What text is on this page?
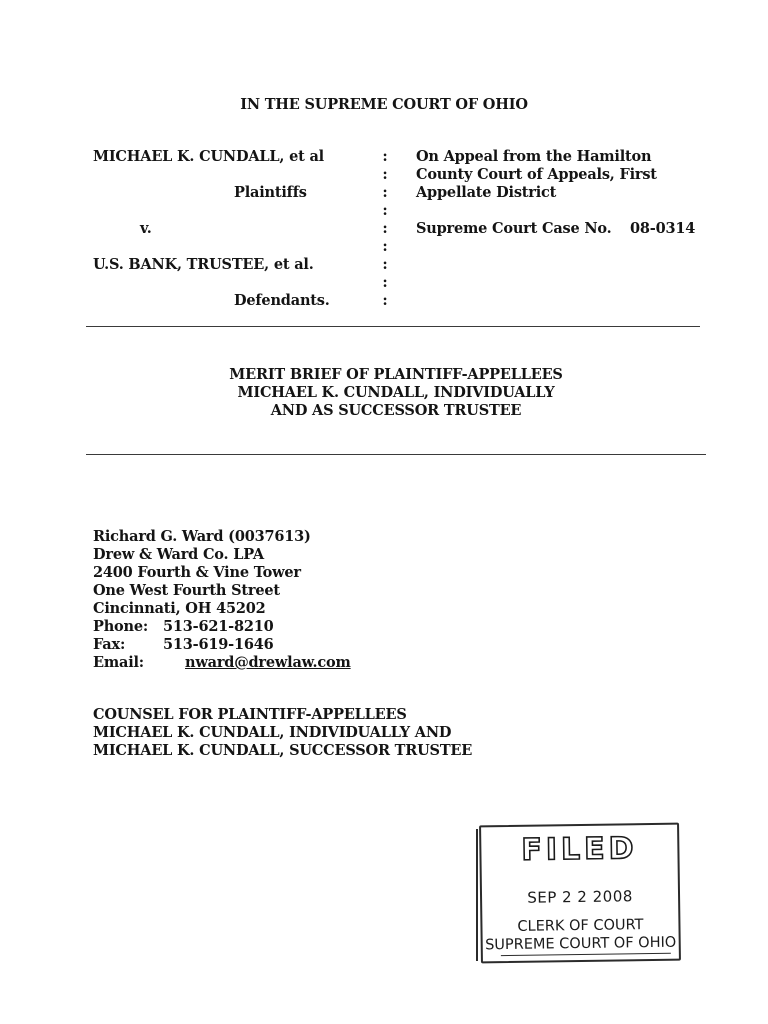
IN THE SUPREME COURT OF OHIO
MICHAEL K. CUNDALL, et al
Plaintiffs
v.
U.S. BANK, TRUSTEE, et al.
Defendants.
:
:
:
:
:
:
:
:
:
On Appeal from the Hamilton
County Court of Appeals, First
Appellate District
Supreme Court Case No. 08-0314
MERIT BRIEF OF PLAINTIFF-APPELLEES
MICHAEL K. CUNDALL, INDIVIDUALLY
AND AS SUCCESSOR TRUSTEE
Richard G. Ward (0037613)
Drew & Ward Co. LPA
2400 Fourth & Vine Tower
One West Fourth Street
Cincinnati, OH 45202
Phone: 513-621-8210
Fax:	513-619-1646
Email:	nward@drewlaw.com
COUNSEL FOR PLAINTIFF-APPELLEES
MICHAEL K. CUNDALL, INDIVIDUALLY AND
MICHAEL K. CUNDALL, SUCCESSOR TRUSTEE
FILED
SEP 2 2 2008
CLERK OF COURT
SUPREME COURT OF OHIO
